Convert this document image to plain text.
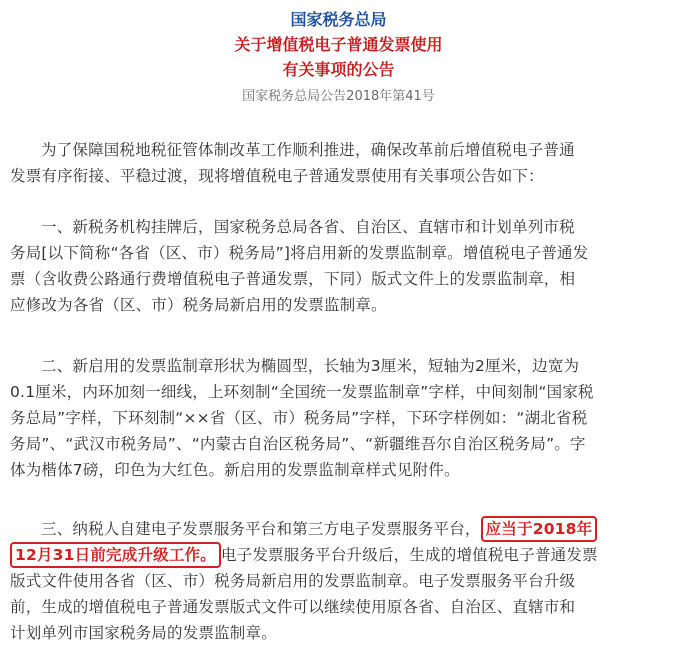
国家税务总局
关于增值税电子普通发票使用
有关事项的公告
国家税务总局公告2018年第41号
为了保障国税地税征管体制改革工作顺利推进，确保改革前后增值税电子普通
发票有序衔接、平稳过渡，现将增值税电子普通发票使用有关事项公告如下：
一、新税务机构挂牌后，国家税务总局各省、自治区、直辖市和计划单列市税
务局[以下简称“各省（区、市）税务局”]将启用新的发票监制章。增值税电子普通发
票（含收费公路通行费增值税电子普通发票，下同）版式文件上的发票监制章，相
应修改为各省（区、市）税务局新启用的发票监制章。
二、新启用的发票监制章形状为椭圆型，长轴为3厘米，短轴为2厘米，边宽为
0.1厘米，内环加刻一细线，上环刻制“全国统一发票监制章”字样，中间刻制“国家税
务总局”字样，下环刻制“××省（区、市）税务局”字样，下环字样例如：“湖北省税
务局”、“武汉市税务局”、“内蒙古自治区税务局”、“新疆维吾尔自治区税务局”。字
体为楷体7磅，印色为大红色。新启用的发票监制章样式见附件。
三、纳税人自建电子发票服务平台和第三方电子发票服务平台， 应当于2018年
12月31日前完成升级工作。 电子发票服务平台升级后，生成的增值税电子普通发票
版式文件使用各省（区、市）税务局新启用的发票监制章。电子发票服务平台升级
前，生成的增值税电子普通发票版式文件可以继续使用原各省、自治区、直辖市和
计划单列市国家税务局的发票监制章。
